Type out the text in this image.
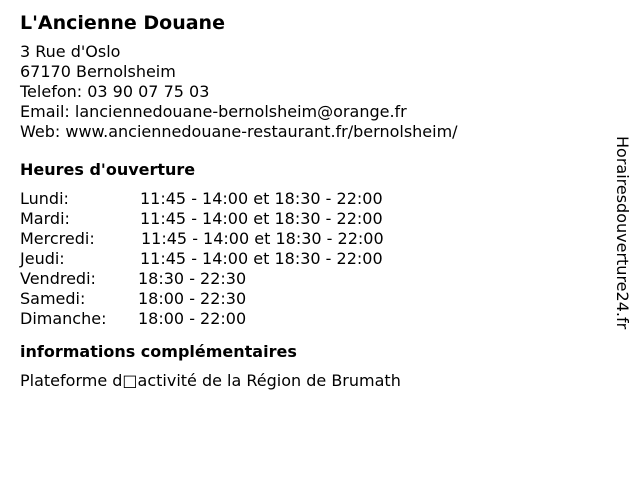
L'Ancienne Douane
3 Rue d'Oslo
67170 Bernolsheim
Telefon: 03 90 07 75 03
Email: lanciennedouane-bernolsheim@orange.fr
Web: www.anciennedouane-restaurant.fr/bernolsheim/
Heures d'ouverture
Lundi:	11:45 - 14:00 et 18:30 - 22:00
Mardi:	11:45 - 14:00 et 18:30 - 22:00
Mercredi:	11:45 - 14:00 et 18:30 - 22:00
Jeudi:	11:45 - 14:00 et 18:30 - 22:00
Vendredi:	18:30 - 22:30
Samedi:	18:00 - 22:30
Dimanche: 18:00 - 22:00
informations complémentaires
Plateforme d□activité de la Région de Brumath
Horairesdouverture24.fr
